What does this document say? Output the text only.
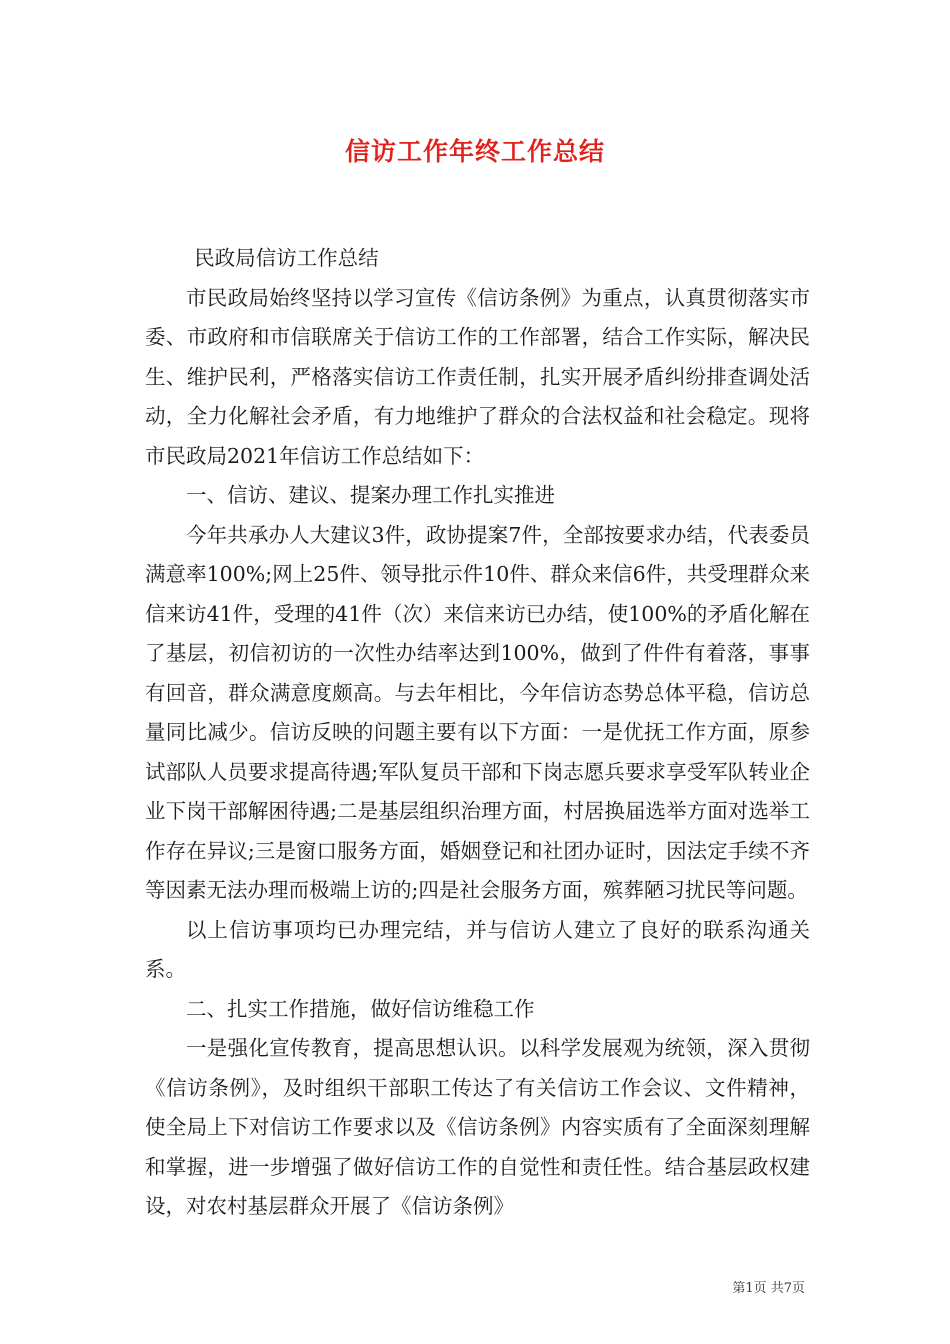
信访工作年终工作总结

民政局信访工作总结

市民政局始终坚持以学习宣传《信访条例》为重点，认真贯彻落实市委、市政府和市信联席关于信访工作的工作部署，结合工作实际，解决民生、维护民利，严格落实信访工作责任制，扎实开展矛盾纠纷排查调处活动，全力化解社会矛盾，有力地维护了群众的合法权益和社会稳定。现将市民政局2021年信访工作总结如下：

一、信访、建议、提案办理工作扎实推进

今年共承办人大建议3件，政协提案7件，全部按要求办结，代表委员满意率100%;网上25件、领导批示件10件、群众来信6件，共受理群众来信来访41件，受理的41件（次）来信来访已办结，使100%的矛盾化解在了基层，初信初访的一次性办结率达到100%，做到了件件有着落，事事有回音，群众满意度颇高。与去年相比，今年信访态势总体平稳，信访总量同比减少。信访反映的问题主要有以下方面：一是优抚工作方面，原参试部队人员要求提高待遇;军队复员干部和下岗志愿兵要求享受军队转业企业下岗干部解困待遇;二是基层组织治理方面，村居换届选举方面对选举工作存在异议;三是窗口服务方面，婚姻登记和社团办证时，因法定手续不齐等因素无法办理而极端上访的;四是社会服务方面，殡葬陋习扰民等问题。

以上信访事项均已办理完结，并与信访人建立了良好的联系沟通关系。

二、扎实工作措施，做好信访维稳工作

一是强化宣传教育，提高思想认识。以科学发展观为统领，深入贯彻《信访条例》，及时组织干部职工传达了有关信访工作会议、文件精神，使全局上下对信访工作要求以及《信访条例》内容实质有了全面深刻理解和掌握，进一步增强了做好信访工作的自觉性和责任性。结合基层政权建设，对农村基层群众开展了《信访条例》

第1页 共7页
